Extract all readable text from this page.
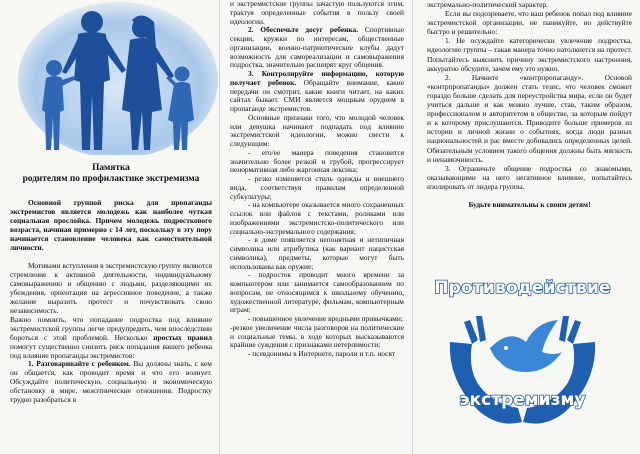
Памятка
родителям по профилактике экстремизма

Основной группой риска для пропаганды экстремистов является молодежь как наиболее чуткая социальная прослойка. Причем молодежь подросткового возраста, начиная примерно с 14 лет, поскольку в эту пору начинается становление человека как самостоятельной личности.

Мотивами вступления в экстремистскую группу являются стремление к активной деятельности, индивидуальному самовыражению и общению с людьми, разделяющими их убеждения, ориентация на агрессивное поведение, а также желание выразить протест и почувствовать свою независимость.

Важно помнить, что попадание подростка под влияние экстремистской группы легче предупредить, чем впоследствии бороться с этой проблемой. Несколько простых правил помогут существенно снизить риск попадания вашего ребенка под влияние пропаганды экстремистов:

1. Разговаривайте с ребенком. Вы должны знать, с кем он общается, как проводит время и что его волнует. Обсуждайте политическую, социальную и экономическую обстановку в мире, межэтнические отношения. Подростку трудно разобраться в

и экстремистские группы зачастую пользуются этим, трактуя определенные события в пользу своей идеологии.

2. Обеспечьте досуг ребенка. Спортивные секции, кружки по интересам, общественные организации, военно-патриотические клубы дадут возможность для самореализации и самовыражения подростка, значительно расширят круг общения.

3. Контролируйте информацию, которую получает ребенок. Обращайте внимание, какие передачи он смотрит, какие книги читает, на каких сайтах бывает. СМИ является мощным орудием в пропаганде экстремистов.

Основные признаки того, что молодой человек или девушка начинают подпадать под влияние экстремистской идеологии, можно свести к следующим:

- его/ее манера поведения становится значительно более резкой и грубой, прогрессирует ненормативная либо жаргонная лексика;

- резко изменяется стиль одежды и внешнего вида, соответствуя правилам определенной субкультуры;

- на компьютере оказывается много сохраненных ссылок или файлов с текстами, роликами или изображениями экстремистско-политического или социально-экстремального содержания;

- в доме появляется непонятная и нетипичная символика или атрибутика (как вариант нацистская символика), предметы, которые могут быть использованы как оружие;

- подросток проводит много времени за компьютером или занимается самообразованием по вопросам, не относящимся к школьному обучению, художественной литературе, фильмам, компьютерным играм;

- повышенное увлечение вредными привычками;

-резкое увеличение числа разговоров на политические и социальные темы, в ходе которых высказываются крайние суждения с признаками нетерпимости;

- псевдонимы в Интернете, пароли и т.п. носят

экстремально-политический характер.

Если вы подозреваете, что ваш ребенок попал под влияние экстремистской организации, не паникуйте, но действуйте быстро и решительно:

1. Не осуждайте категорически увлечение подростка, идеологию группы – такая манера точно натолкнется на протест. Попытайтесь выяснить причину экстремистского настроения, аккуратно обсудите, зачем ему это нужно.

2. Начните «контрпропаганду». Основой «контрпропаганды» должен стать тезис, что человек сможет гораздо больше сделать для переустройства мира, если он будет учиться дальше и как можно лучше, став, таким образом, профессионалом и авторитетом в обществе, за которым пойдут и к которому прислушаются. Приводите больше примеров из истории и личной жизни о событиях, когда люди разных национальностей и рас вместе добивались определенных целей. Обязательным условием такого общения должны быть мягкость и ненавязчивость.

3. Ограничьте общение подростка со знакомыми, оказывающими на него негативное влияние, попытайтесь изолировать от лидера группы.

Будьте внимательны к своим детям!

Противодействие
экстремизму
